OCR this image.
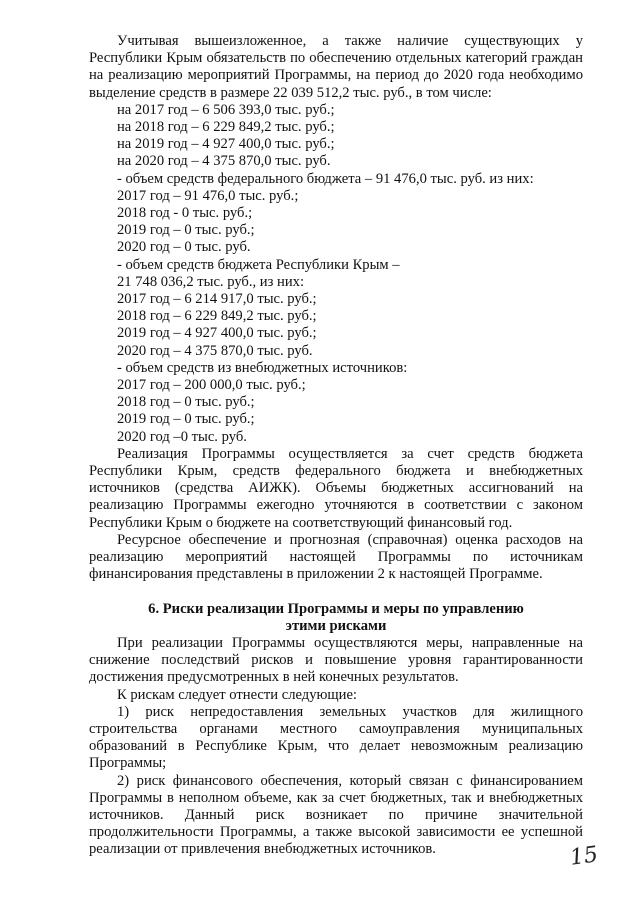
Учитывая вышеизложенное, а также наличие существующих у Республики Крым обязательств по обеспечению отдельных категорий граждан на реализацию мероприятий Программы, на период до 2020 года необходимо выделение средств в размере 22 039 512,2 тыс. руб., в том числе:

на 2017 год – 6 506 393,0 тыс. руб.;

на 2018 год – 6 229 849,2 тыс. руб.;

на 2019 год – 4 927 400,0 тыс. руб.;

на 2020 год – 4 375 870,0 тыс. руб.

- объем средств федерального бюджета – 91 476,0 тыс. руб. из них:

2017 год – 91 476,0 тыс. руб.;

2018 год - 0 тыс. руб.;

2019 год – 0 тыс. руб.;

2020 год – 0 тыс. руб.

- объем средств бюджета Республики Крым –

21 748 036,2 тыс. руб., из них:

2017 год – 6 214 917,0 тыс. руб.;

2018 год – 6 229 849,2 тыс. руб.;

2019 год – 4 927 400,0 тыс. руб.;

2020 год – 4 375 870,0 тыс. руб.

- объем средств из внебюджетных источников:

2017 год – 200 000,0 тыс. руб.;

2018 год – 0 тыс. руб.;

2019 год – 0 тыс. руб.;

2020 год –0 тыс. руб.

Реализация Программы осуществляется за счет средств бюджета Республики Крым, средств федерального бюджета и внебюджетных источников (средства АИЖК). Объемы бюджетных ассигнований на реализацию Программы ежегодно уточняются в соответствии с законом Республики Крым о бюджете на соответствующий финансовый год.

Ресурсное обеспечение и прогнозная (справочная) оценка расходов на реализацию мероприятий настоящей Программы по источникам финансирования представлены в приложении 2 к настоящей Программе.

6. Риски реализации Программы и меры по управлению
этими рисками

При реализации Программы осуществляются меры, направленные на снижение последствий рисков и повышение уровня гарантированности достижения предусмотренных в ней конечных результатов.

К рискам следует отнести следующие:

1) риск непредоставления земельных участков для жилищного строительства органами местного самоуправления муниципальных образований в Республике Крым, что делает невозможным реализацию Программы;

2) риск финансового обеспечения, который связан с финансированием Программы в неполном объеме, как за счет бюджетных, так и внебюджетных источников. Данный риск возникает по причине значительной продолжительности Программы, а также высокой зависимости ее успешной реализации от привлечения внебюджетных источников.	15
